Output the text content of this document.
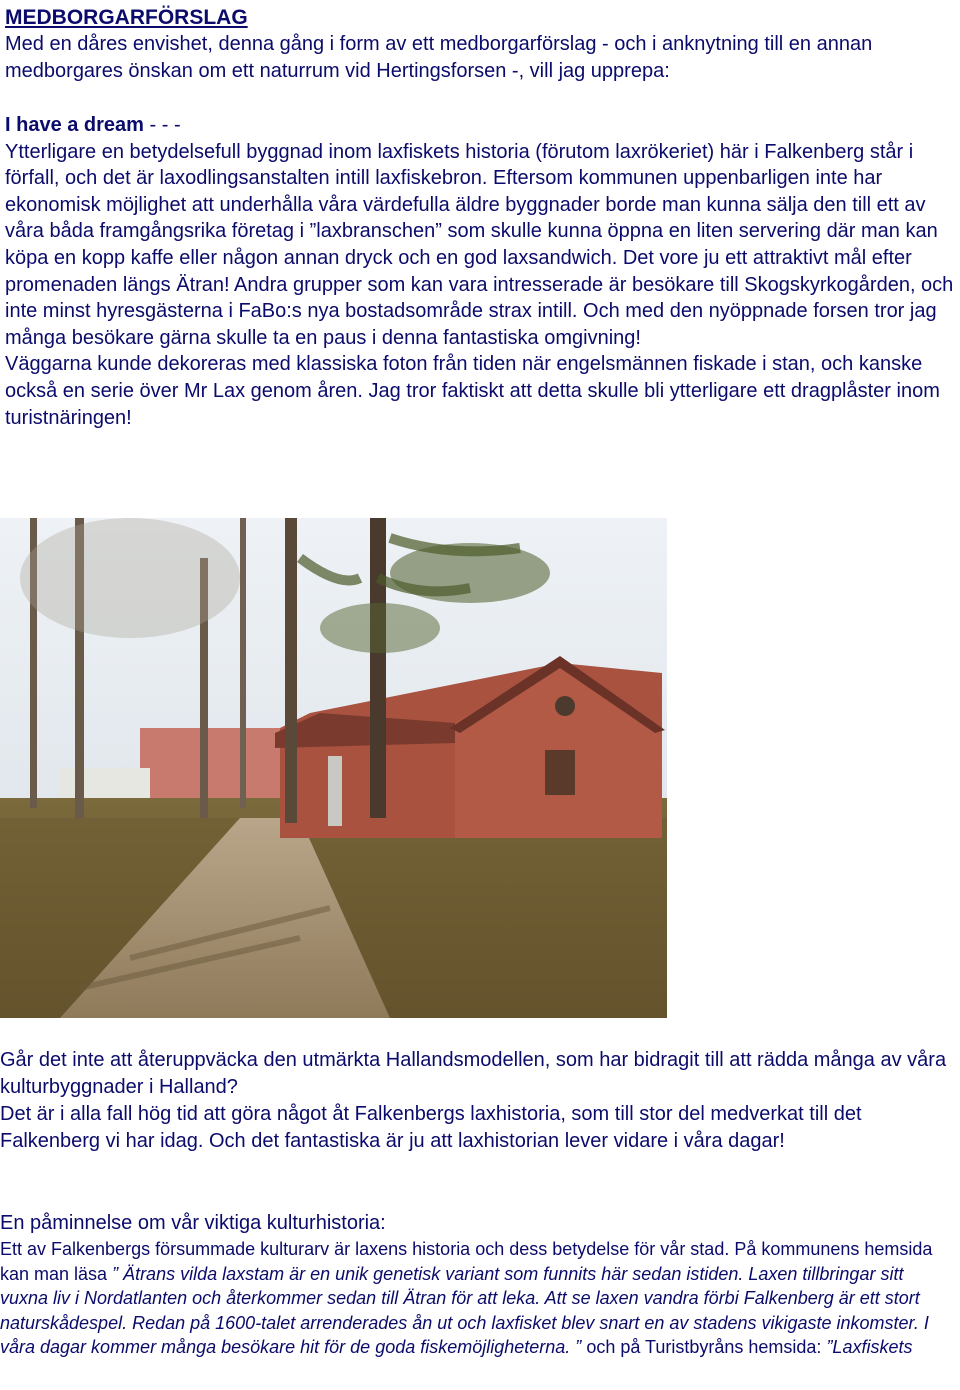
MEDBORGARFÖRSLAG
Med en dåres envishet, denna gång i form av ett medborgarförslag - och i anknytning till en annan medborgares önskan om ett naturrum vid Hertingsforsen -, vill jag upprepa:
I have a dream - - -
Ytterligare en betydelsefull byggnad inom laxfiskets historia (förutom laxrökeriet) här i Falkenberg står i förfall, och det är laxodlingsanstalten intill laxfiskebron. Eftersom kommunen uppenbarligen inte har ekonomisk möjlighet att underhålla våra värdefulla äldre byggnader borde man kunna sälja den till ett av våra båda framgångsrika företag i ”laxbranschen” som skulle kunna öppna en liten servering där man kan köpa en kopp kaffe eller någon annan dryck och en god laxsandwich. Det vore ju ett attraktivt mål efter promenaden längs Ätran! Andra grupper som kan vara intresserade är besökare till Skogskyrkogården, och inte minst hyresgästerna i FaBo:s nya bostadsområde strax intill. Och med den nyöppnade forsen tror jag många besökare gärna skulle ta en paus i denna fantastiska omgivning!
Väggarna kunde dekoreras med klassiska foton från tiden när engelsmännen fiskade i stan, och kanske också en serie över Mr Lax genom åren. Jag tror faktiskt att detta skulle bli ytterligare ett dragplåster inom turistnäringen!
Går det inte att återuppväcka den utmärkta Hallandsmodellen, som har bidragit till att rädda många av våra kulturbyggnader i Halland?
Det är i alla fall hög tid att göra något åt Falkenbergs laxhistoria, som till stor del medverkat till det Falkenberg vi har idag. Och det fantastiska är ju att laxhistorian lever vidare i våra dagar!
En påminnelse om vår viktiga kulturhistoria:
Ett av Falkenbergs försummade kulturarv är laxens historia och dess betydelse för vår stad. På kommunens hemsida kan man läsa ” Ätrans vilda laxstam är en unik genetisk variant som funnits här sedan istiden. Laxen tillbringar sitt vuxna liv i Nordatlanten och återkommer sedan till Ätran för att leka. Att se laxen vandra förbi Falkenberg är ett stort naturskådespel. Redan på 1600-talet arrenderades ån ut och laxfisket blev snart en av stadens vikigaste inkomster. I våra dagar kommer många besökare hit för de goda fiskemöjligheterna. ” och på Turistbyråns hemsida: ”Laxfiskets
